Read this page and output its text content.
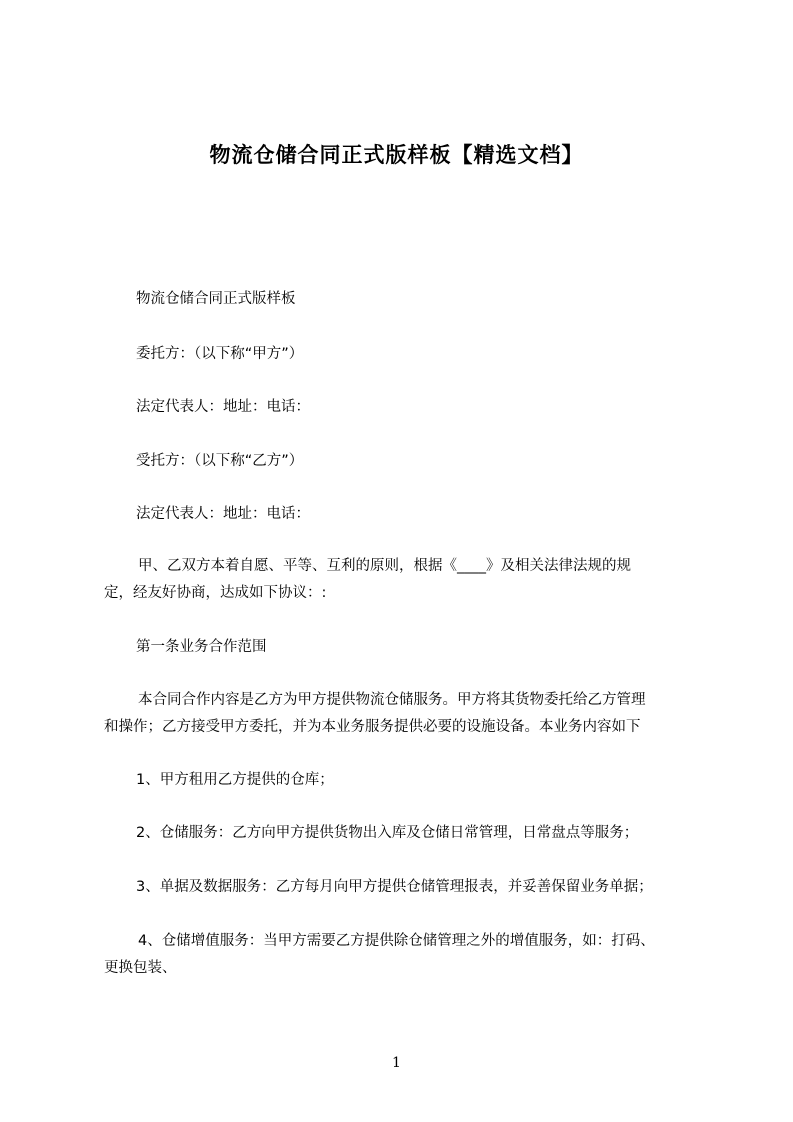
物流仓储合同正式版样板【精选文档】
物流仓储合同正式版样板
委托方：（以下称“甲方”）
法定代表人：地址：电话：
受托方：（以下称“乙方”）
法定代表人：地址：电话：
甲、乙双方本着自愿、平等、互利的原则，根据《____》及相关法律法规的规
定，经友好协商，达成如下协议：:
第一条业务合作范围
本合同合作内容是乙方为甲方提供物流仓储服务。甲方将其货物委托给乙方管理
和操作；乙方接受甲方委托，并为本业务服务提供必要的设施设备。本业务内容如下
1、甲方租用乙方提供的仓库；
2、仓储服务：乙方向甲方提供货物出入库及仓储日常管理，日常盘点等服务；
3、单据及数据服务：乙方每月向甲方提供仓储管理报表，并妥善保留业务单据；
4、仓储增值服务：当甲方需要乙方提供除仓储管理之外的增值服务，如：打码、
更换包装、
1
